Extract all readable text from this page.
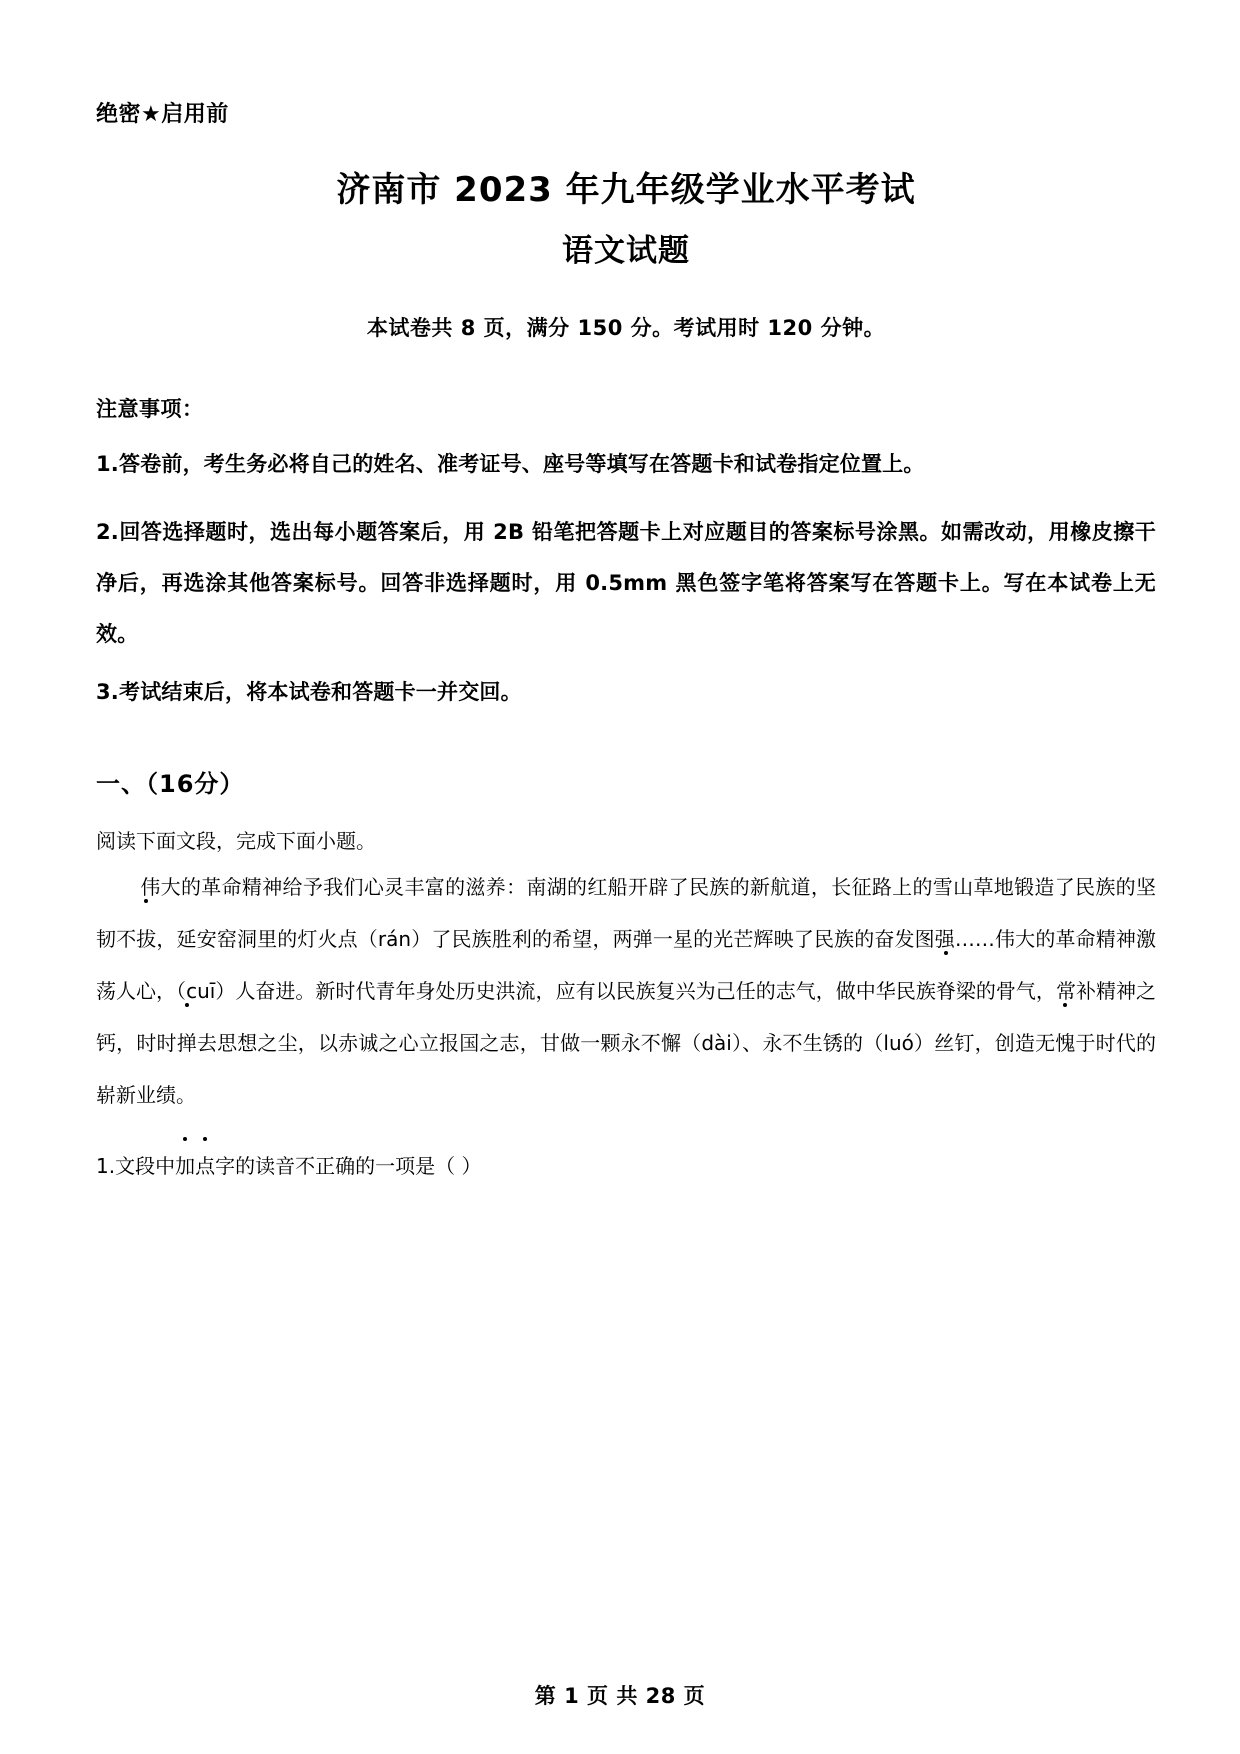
绝密★启用前
济南市 2023 年九年级学业水平考试
语文试题
本试卷共 8 页，满分 150 分。考试用时 120 分钟。
注意事项：
1.答卷前，考生务必将自己的姓名、准考证号、座号等填写在答题卡和试卷指定位置上。
2.回答选择题时，选出每小题答案后，用 2B 铅笔把答题卡上对应题目的答案标号涂黑。如需改动，用橡皮擦干净后，再选涂其他答案标号。回答非选择题时，用 0.5mm 黑色签字笔将答案写在答题卡上。写在本试卷上无效。
3.考试结束后，将本试卷和答题卡一并交回。
一、（16分）
阅读下面文段，完成下面小题。
伟大的革命精神给予我们心灵丰富的滋养：南湖的红船开辟了民族的新航道，长征路上的雪山草地锻造了民族的坚韧不拔，延安窑洞里的灯火点（rán）了民族胜利的希望，两弹一星的光芒辉映了民族的奋发图强……伟大的革命精神激荡人心，（cuī）人奋进。新时代青年身处历史洪流，应有以民族复兴为己任的志气，做中华民族脊梁的骨气，常补精神之钙，时时掸去思想之尘，以赤诚之心立报国之志，甘做一颗永不懈（dài）、永不生锈的（luó）丝钉，创造无愧于时代的崭新业绩。
1.文段中加点字的读音不正确的一项是（ ）
第 1 页 共 28 页
